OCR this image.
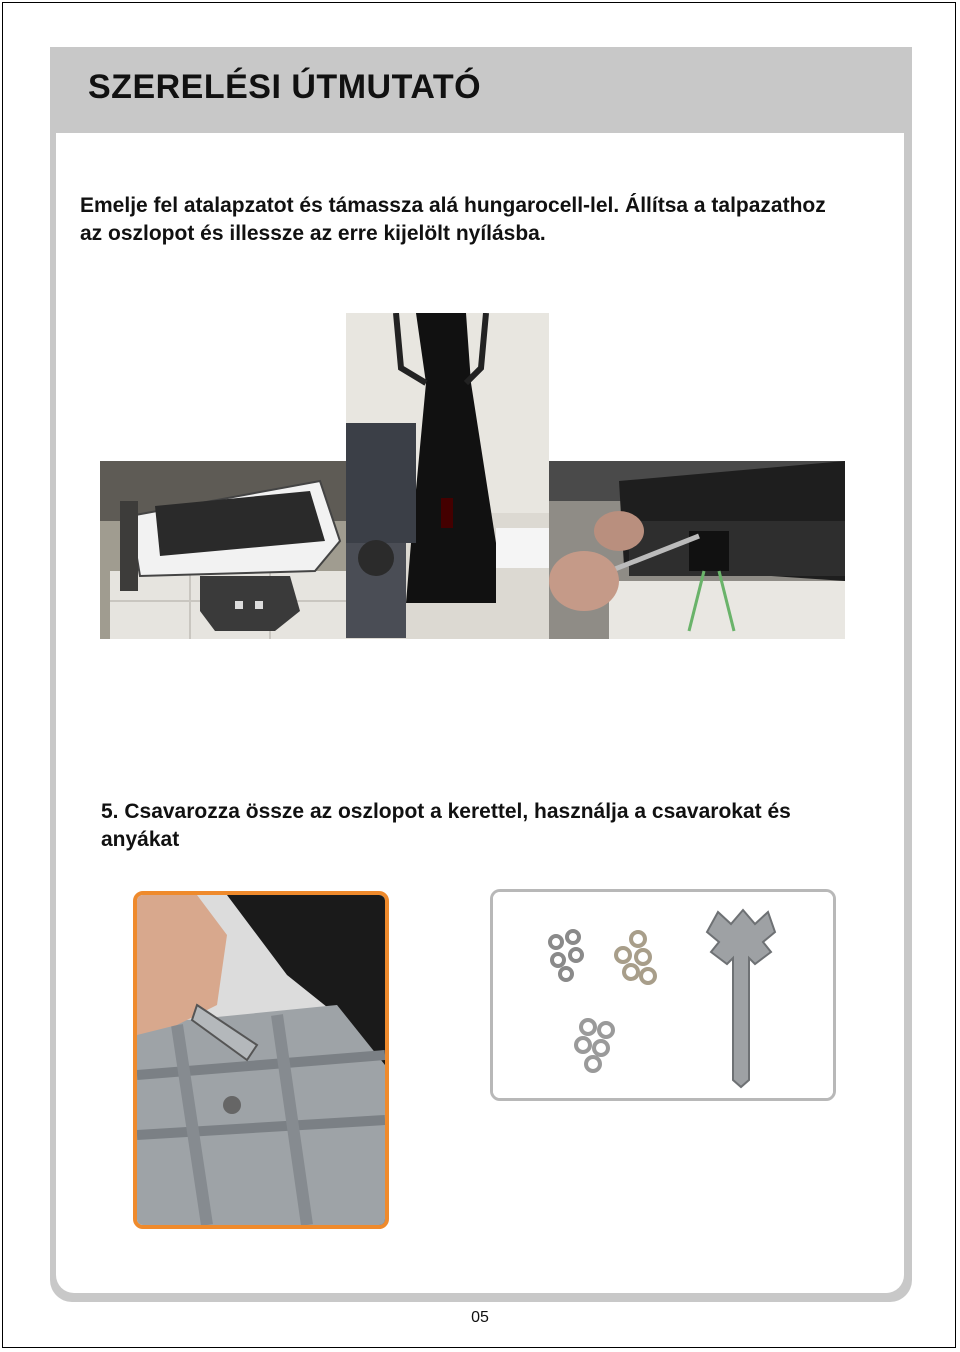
SZERELÉSI ÚTMUTATÓ

Emelje fel atalapzatot és támassza alá hungarocell-lel. Állítsa a talpazathoz az oszlopot és illessze az erre kijelölt nyílásba.

5. Csavarozza össze az oszlopot a kerettel, használja a csavarokat és anyákat

05
